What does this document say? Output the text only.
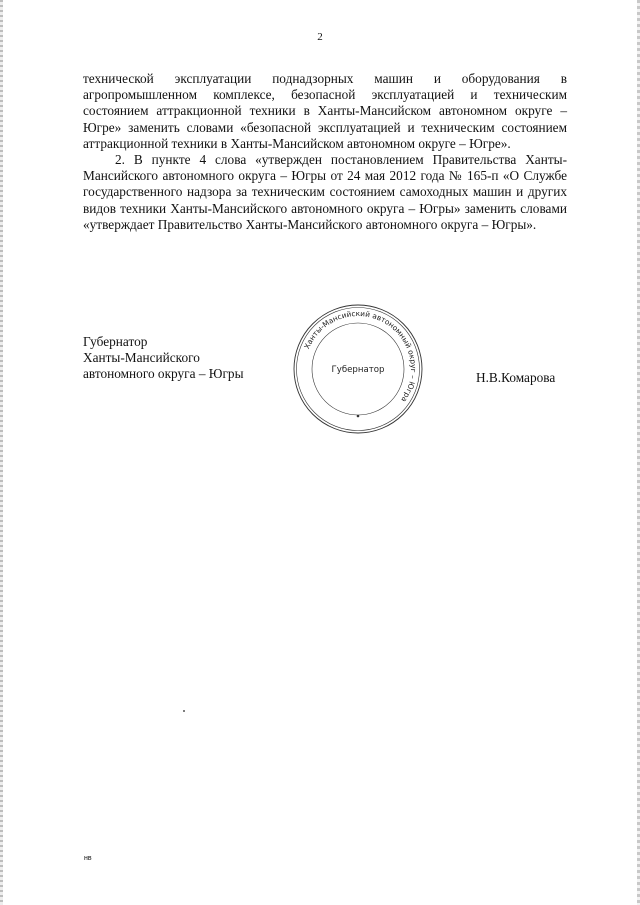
2

технической эксплуатации поднадзорных машин и оборудования в агропромышленном комплексе, безопасной эксплуатацией и техническим состоянием аттракционной техники в Ханты-Мансийском автономном округе – Югре» заменить словами «безопасной эксплуатацией и техническим состоянием аттракционной техники в Ханты-Мансийском автономном округе – Югре».

2. В пункте 4 слова «утвержден постановлением Правительства Ханты-Мансийского автономного округа – Югры от 24 мая 2012 года № 165-п «О Службе государственного надзора за техническим состоянием самоходных машин и других видов техники Ханты-Мансийского автономного округа – Югры» заменить словами «утверждает Правительство Ханты-Мансийского автономного округа – Югры».

Губернатор
Ханты-Мансийского
автономного округа – Югры
Ханты-Мансийский автономный округ – Югра
Губернатор	Н.В.Комарова
нв
